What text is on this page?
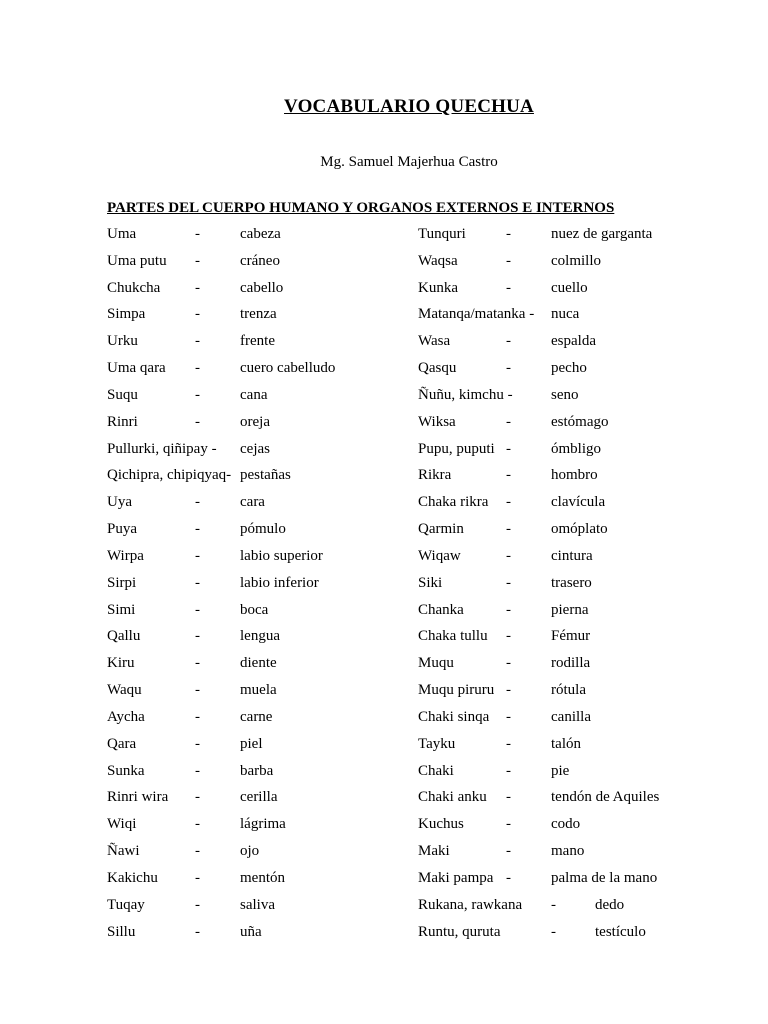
VOCABULARIO QUECHUA
Mg. Samuel Majerhua Castro
PARTES DEL CUERPO HUMANO Y ORGANOS EXTERNOS E INTERNOS
Uma	-	cabeza
Uma putu -	cráneo
Chukcha -	cabello
Simpa	-	trenza
Urku	-	frente
Uma qara -	cuero cabelludo
Suqu	-	cana
Rinri	-	oreja
Pullurki, qiñipay - cejas
Qichipra, chipiqyaq- pestañas
Uya	-	cara
Puya	-	pómulo
Wirpa	-	labio superior
Sirpi	-	labio inferior
Simi	-	boca
Qallu	-	lengua
Kiru	-	diente
Waqu	-	muela
Aycha	-	carne
Qara	-	piel
Sunka	-	barba
Rinri wira -	cerilla
Wiqi	-	lágrima
Ñawi	-	ojo
Kakichu -	mentón
Tuqay	-	saliva
Sillu	-	uña
Tunquri	-	nuez de garganta
Waqsa	-	colmillo
Kunka	-	cuello
Matanqa/matanka - nuca
Wasa	-	espalda
Qasqu	-	pecho
Ñuñu, kimchu -	seno
Wiksa	-	estómago
Pupu, puputi -	ómbligo
Rikra	-	hombro
Chaka rikra -	clavícula
Qarmin	-	omóplato
Wiqaw	-	cintura
Siki	-	trasero
Chanka	-	pierna
Chaka tullu -	Fémur
Muqu	-	rodilla
Muqu piruru -	rótula
Chaki sinqa -	canilla
Tayku	-	talón
Chaki	-	pie
Chaki anku -	tendón de Aquiles
Kuchus	-	codo
Maki	-	mano
Maki pampa -	palma de la mano
Rukana, rawkana -	dedo
Runtu, quruta	-	testículo
